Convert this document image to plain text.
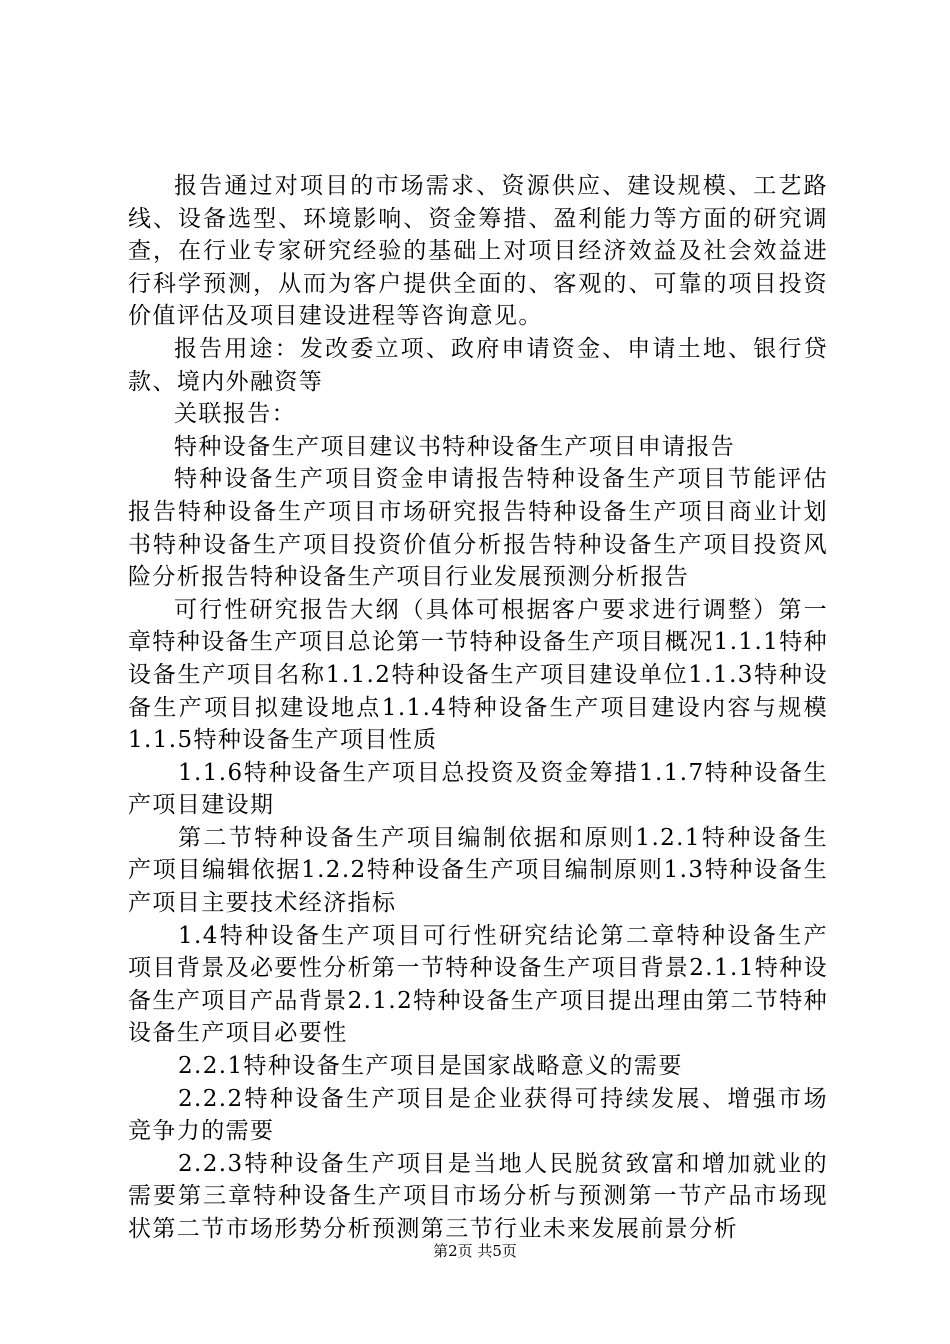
报告通过对项目的市场需求、资源供应、建设规模、工艺路线、设备选型、环境影响、资金筹措、盈利能力等方面的研究调查，在行业专家研究经验的基础上对项目经济效益及社会效益进行科学预测，从而为客户提供全面的、客观的、可靠的项目投资价值评估及项目建设进程等咨询意见。

报告用途：发改委立项、政府申请资金、申请土地、银行贷款、境内外融资等

关联报告：

特种设备生产项目建议书特种设备生产项目申请报告

特种设备生产项目资金申请报告特种设备生产项目节能评估报告特种设备生产项目市场研究报告特种设备生产项目商业计划书特种设备生产项目投资价值分析报告特种设备生产项目投资风险分析报告特种设备生产项目行业发展预测分析报告

可行性研究报告大纲（具体可根据客户要求进行调整）第一章特种设备生产项目总论第一节特种设备生产项目概况1.1.1特种设备生产项目名称1.1.2特种设备生产项目建设单位1.1.3特种设备生产项目拟建设地点1.1.4特种设备生产项目建设内容与规模1.1.5特种设备生产项目性质

1.1.6特种设备生产项目总投资及资金筹措1.1.7特种设备生产项目建设期

第二节特种设备生产项目编制依据和原则1.2.1特种设备生产项目编辑依据1.2.2特种设备生产项目编制原则1.3特种设备生产项目主要技术经济指标

1.4特种设备生产项目可行性研究结论第二章特种设备生产项目背景及必要性分析第一节特种设备生产项目背景2.1.1特种设备生产项目产品背景2.1.2特种设备生产项目提出理由第二节特种设备生产项目必要性

2.2.1特种设备生产项目是国家战略意义的需要

2.2.2特种设备生产项目是企业获得可持续发展、增强市场竞争力的需要

2.2.3特种设备生产项目是当地人民脱贫致富和增加就业的需要第三章特种设备生产项目市场分析与预测第一节产品市场现状第二节市场形势分析预测第三节行业未来发展前景分析

第2页 共5页
